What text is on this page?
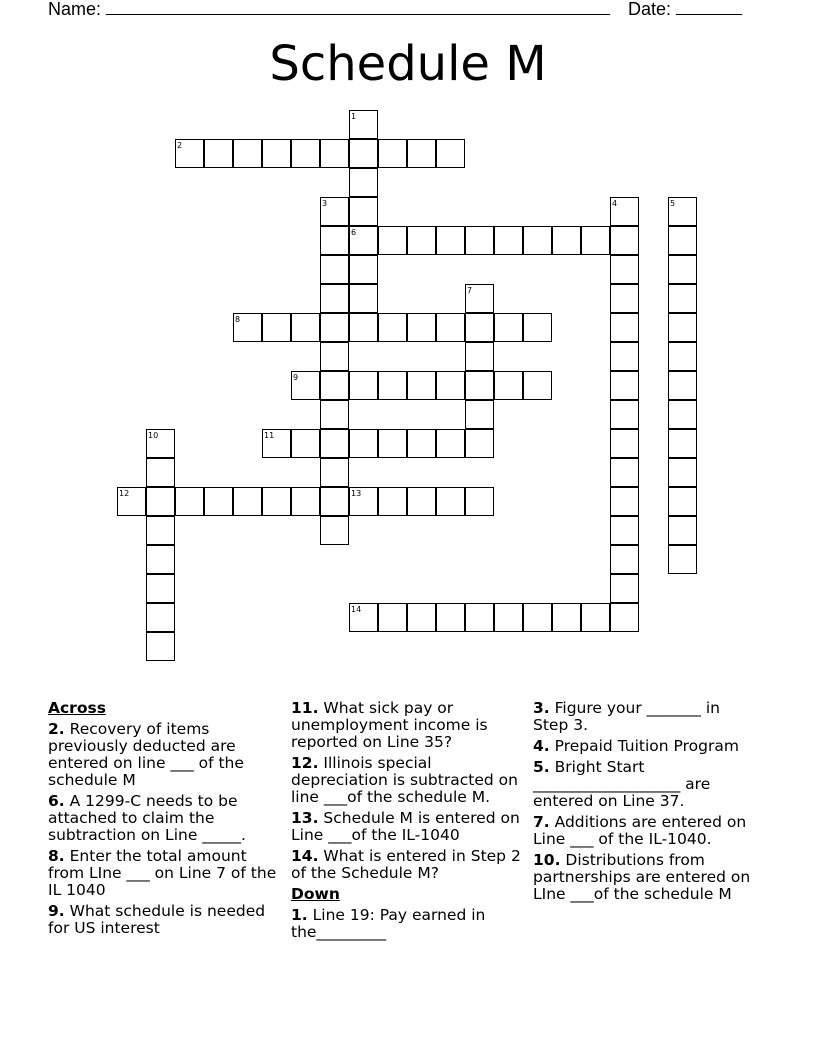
Name:	Date:
Schedule M
1
2
3	4	5
6
7
8
9
10	11
12	13
14
Across
2. Recovery of items previously deducted are entered on line ___ of the schedule M
6. A 1299-C needs to be attached to claim the subtraction on Line _____.
8. Enter the total amount from LIne ___ on Line 7 of the IL 1040
9. What schedule is needed for US interest
11. What sick pay or unemployment income is reported on Line 35?
12. Illinois special depreciation is subtracted on line ___of the schedule M.
13. Schedule M is entered on Line ___of the IL-1040
14. What is entered in Step 2 of the Schedule M?
Down
1. Line 19: Pay earned in the_________
3. Figure your _______ in Step 3.
4. Prepaid Tuition Program
5. Bright Start ___________________ are entered on Line 37.
7. Additions are entered on Line ___ of the IL-1040.
10. Distributions from partnerships are entered on LIne ___of the schedule M
